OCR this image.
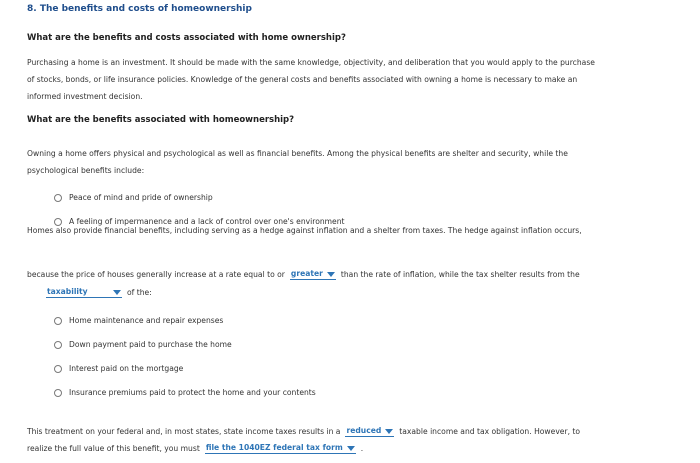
8. The benefits and costs of homeownership
What are the benefits and costs associated with home ownership?
Purchasing a home is an investment. It should be made with the same knowledge, objectivity, and deliberation that you would apply to the purchase
of stocks, bonds, or life insurance policies. Knowledge of the general costs and benefits associated with owning a home is necessary to make an
informed investment decision.
What are the benefits associated with homeownership?
Owning a home offers physical and psychological as well as financial benefits. Among the physical benefits are shelter and security, while the
psychological benefits include:
Peace of mind and pride of ownership
A feeling of impermanence and a lack of control over one's environment
Homes also provide financial benefits, including serving as a hedge against inflation and a shelter from taxes. The hedge against inflation occurs,
because the price of houses generally increase at a rate equal to or greater than the rate of inflation, while the tax shelter results from the
taxability	of the:
Home maintenance and repair expenses
Down payment paid to purchase the home
Interest paid on the mortgage
Insurance premiums paid to protect the home and your contents
This treatment on your federal and, in most states, state income taxes results in a reduced taxable income and tax obligation. However, to
realize the full value of this benefit, you must file the 1040EZ federal tax form .
